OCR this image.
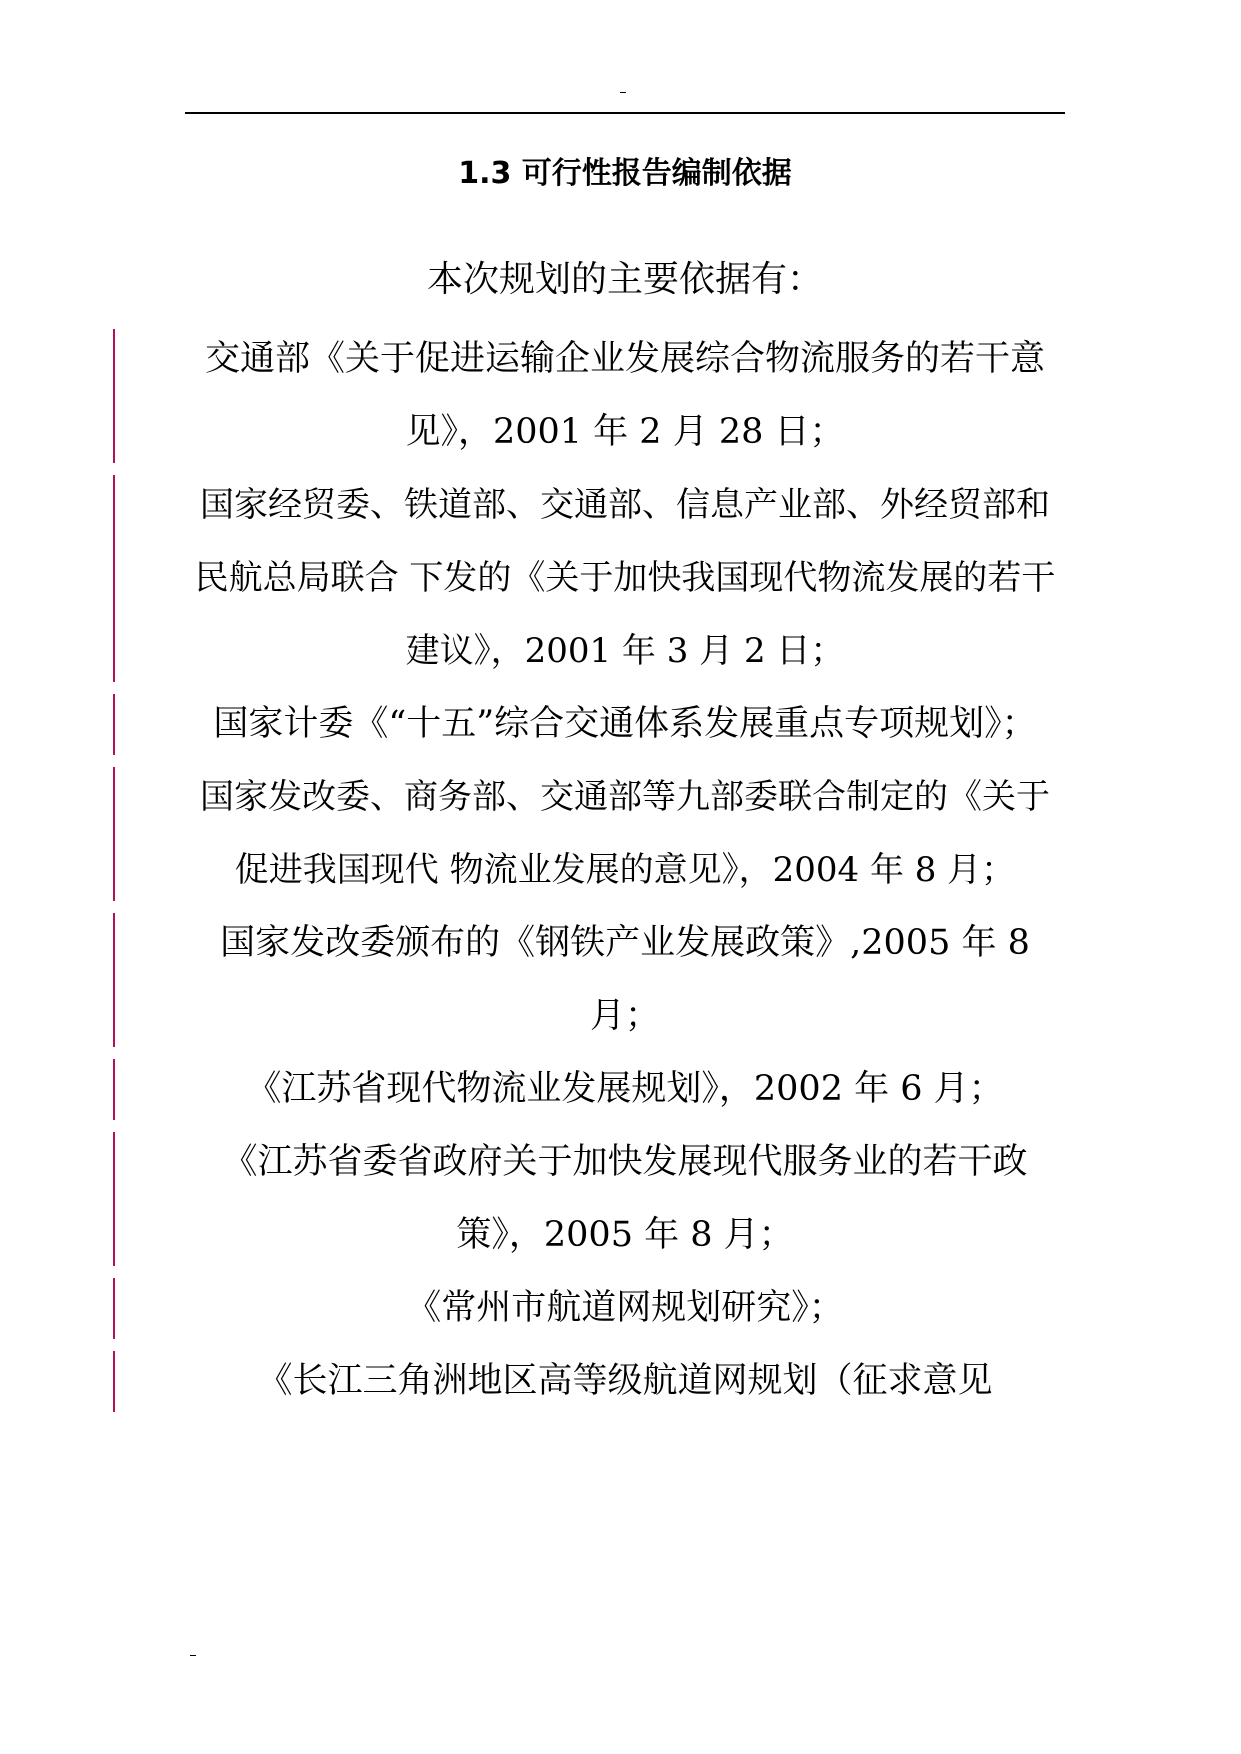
1.3 可行性报告编制依据
本次规划的主要依据有：
交通部《关于促进运输企业发展综合物流服务的若干意见》，2001 年 2 月 28 日；
国家经贸委、铁道部、交通部、信息产业部、外经贸部和民航总局联合 下发的《关于加快我国现代物流发展的若干建议》，2001 年 3 月 2 日；
国家计委《“十五”综合交通体系发展重点专项规划》；
国家发改委、商务部、交通部等九部委联合制定的《关于促进我国现代 物流业发展的意见》，2004 年 8 月；
国家发改委颁布的《钢铁产业发展政策》,2005 年 8 月；
《江苏省现代物流业发展规划》，2002 年 6 月；
《江苏省委省政府关于加快发展现代服务业的若干政策》，2005 年 8 月；
《常州市航道网规划研究》；
《长江三角洲地区高等级航道网规划（征求意见
